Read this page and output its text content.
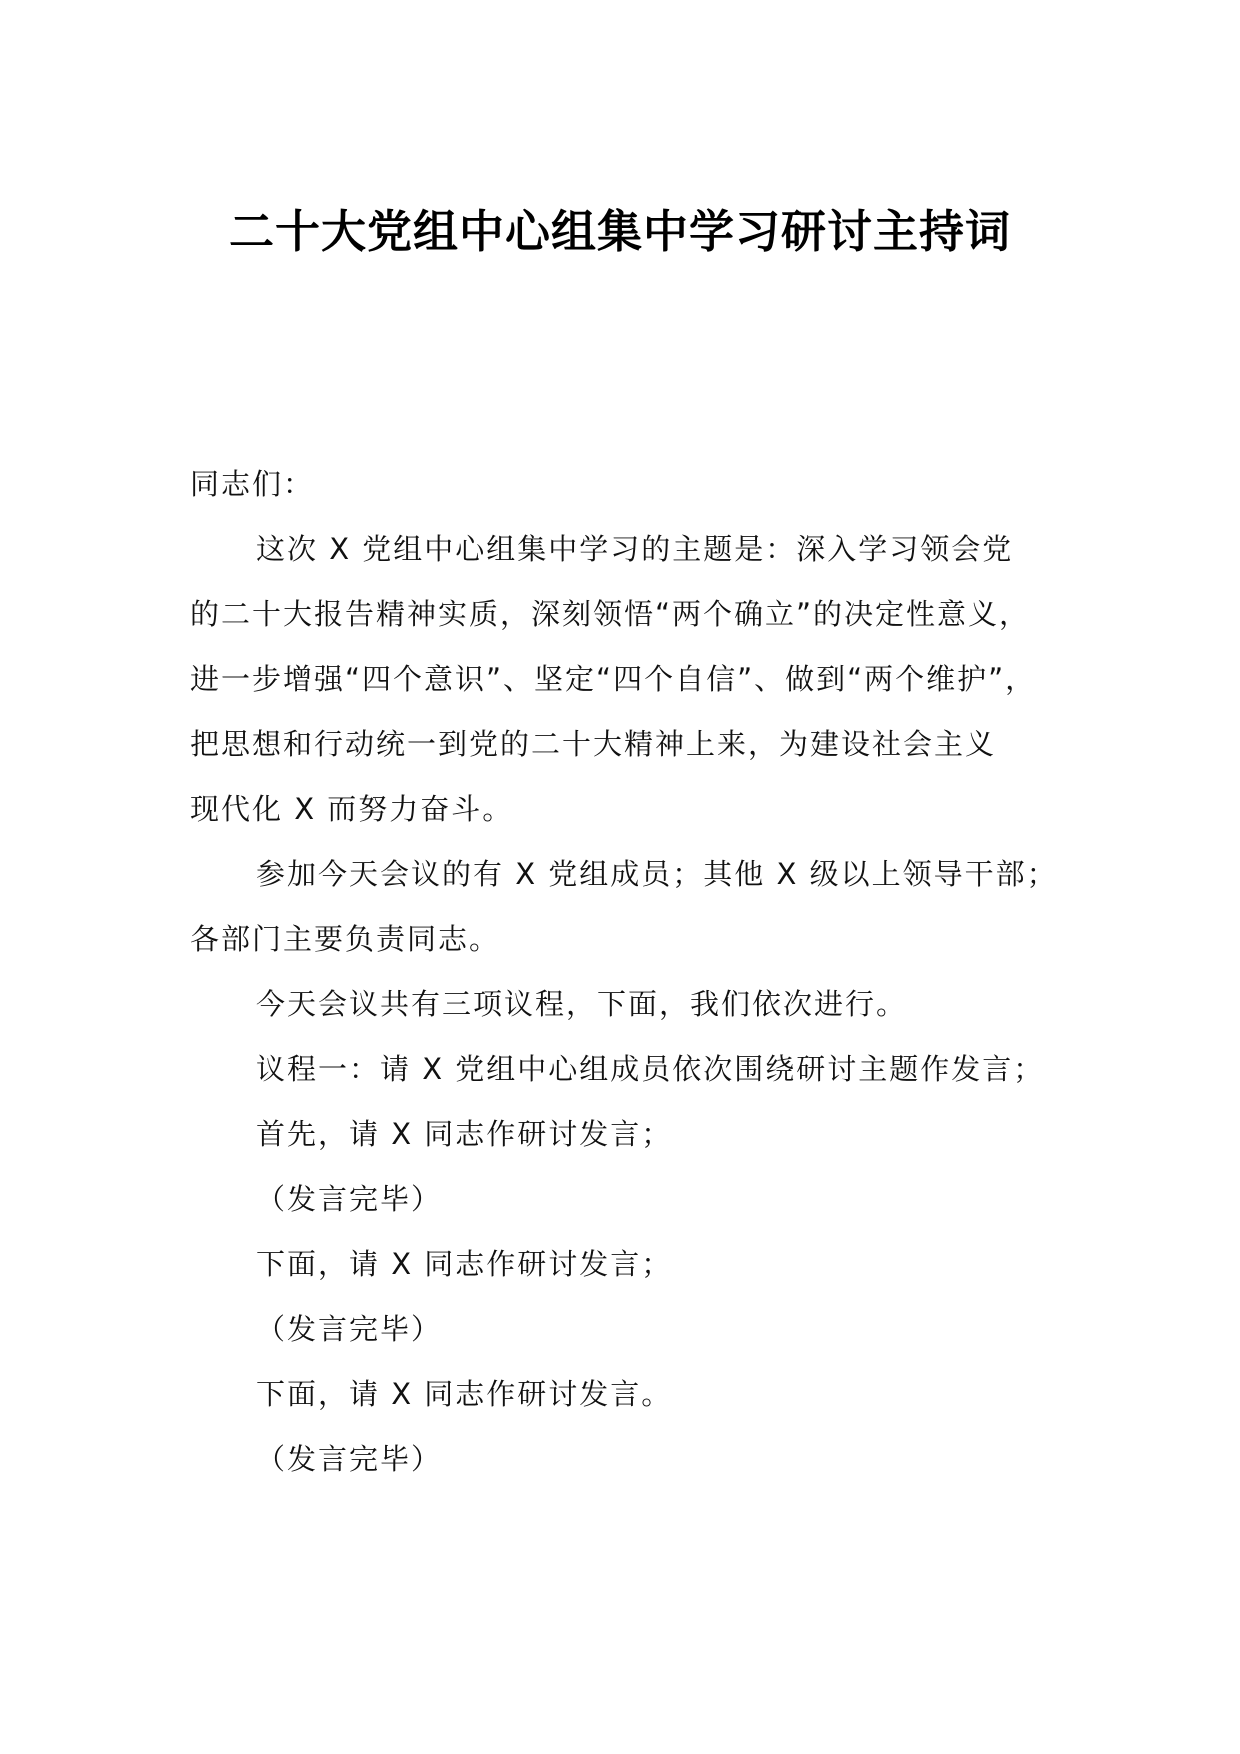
二十大党组中心组集中学习研讨主持词
同志们：
这次 X 党组中心组集中学习的主题是：深入学习领会党
的二十大报告精神实质，深刻领悟“两个确立”的决定性意义，
进一步增强“四个意识”、坚定“四个自信”、做到“两个维护”，
把思想和行动统一到党的二十大精神上来，为建设社会主义
现代化 X 而努力奋斗。
参加今天会议的有 X 党组成员；其他 X 级以上领导干部；
各部门主要负责同志。
今天会议共有三项议程，下面，我们依次进行。
议程一：请 X 党组中心组成员依次围绕研讨主题作发言；
首先，请 X 同志作研讨发言；
（发言完毕）
下面，请 X 同志作研讨发言；
（发言完毕）
下面，请 X 同志作研讨发言。
（发言完毕）
